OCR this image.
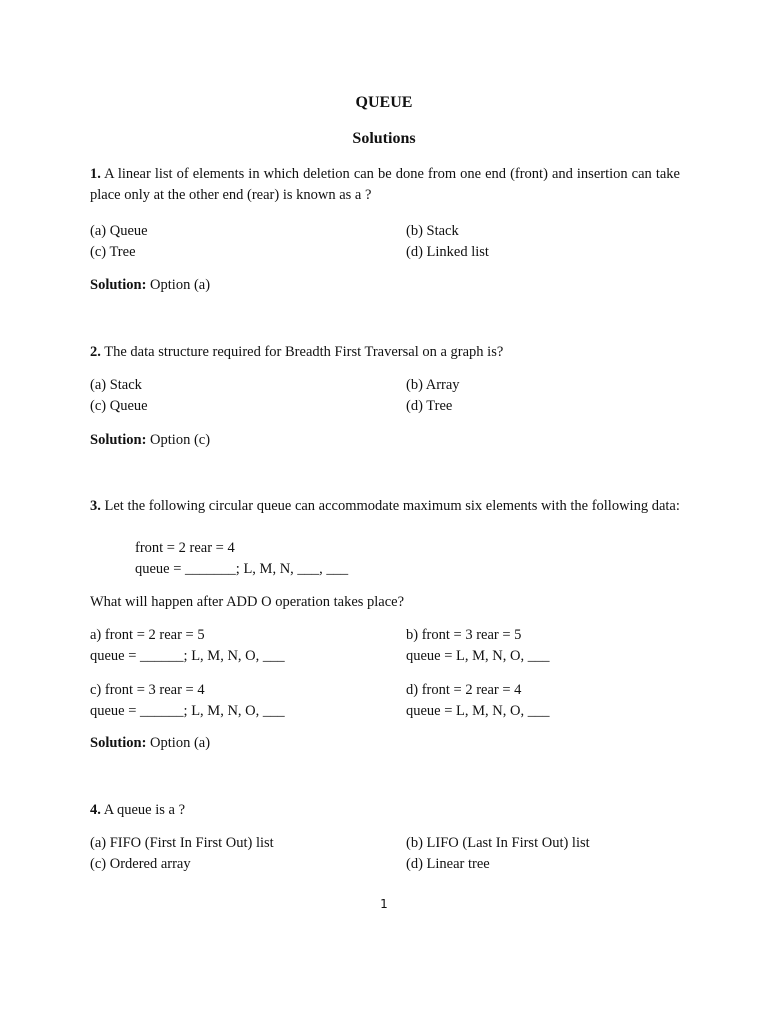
QUEUE
Solutions
1. A linear list of elements in which deletion can be done from one end (front) and insertion can take place only at the other end (rear) is known as a ?
(a) Queue	(b) Stack
(c) Tree	(d) Linked list
Solution: Option (a)
2. The data structure required for Breadth First Traversal on a graph is?
(a) Stack	(b) Array
(c) Queue	(d) Tree
Solution: Option (c)
3. Let the following circular queue can accommodate maximum six elements with the following data:
front = 2 rear = 4
queue = _______; L, M, N, ___, ___
What will happen after ADD O operation takes place?
a) front = 2 rear = 5
queue = ______; L, M, N, O, ___
b) front = 3 rear = 5
queue = L, M, N, O, ___
c) front = 3 rear = 4
queue = ______; L, M, N, O, ___
d) front = 2 rear = 4
queue = L, M, N, O, ___
Solution: Option (a)
4. A queue is a ?
(a) FIFO (First In First Out) list	(b) LIFO (Last In First Out) list
(c) Ordered array	(d) Linear tree
1
